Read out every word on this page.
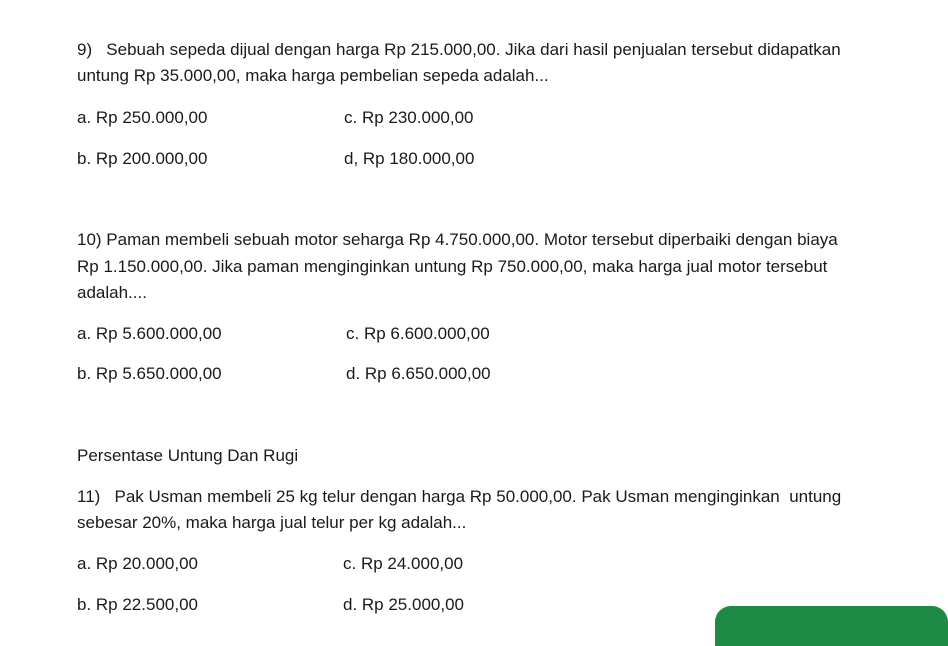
9)   Sebuah sepeda dijual dengan harga Rp 215.000,00. Jika dari hasil penjualan tersebut didapatkan
untung Rp 35.000,00, maka harga pembelian sepeda adalah...
a. Rp 250.000,00	c. Rp 230.000,00
b. Rp 200.000,00	d, Rp 180.000,00
10) Paman membeli sebuah motor seharga Rp 4.750.000,00. Motor tersebut diperbaiki dengan biaya
Rp 1.150.000,00. Jika paman menginginkan untung Rp 750.000,00, maka harga jual motor tersebut
adalah....
a. Rp 5.600.000,00	c. Rp 6.600.000,00
b. Rp 5.650.000,00	d. Rp 6.650.000,00
Persentase Untung Dan Rugi
11)   Pak Usman membeli 25 kg telur dengan harga Rp 50.000,00. Pak Usman menginginkan  untung
sebesar 20%, maka harga jual telur per kg adalah...
a. Rp 20.000,00	c. Rp 24.000,00
b. Rp 22.500,00	d. Rp 25.000,00
